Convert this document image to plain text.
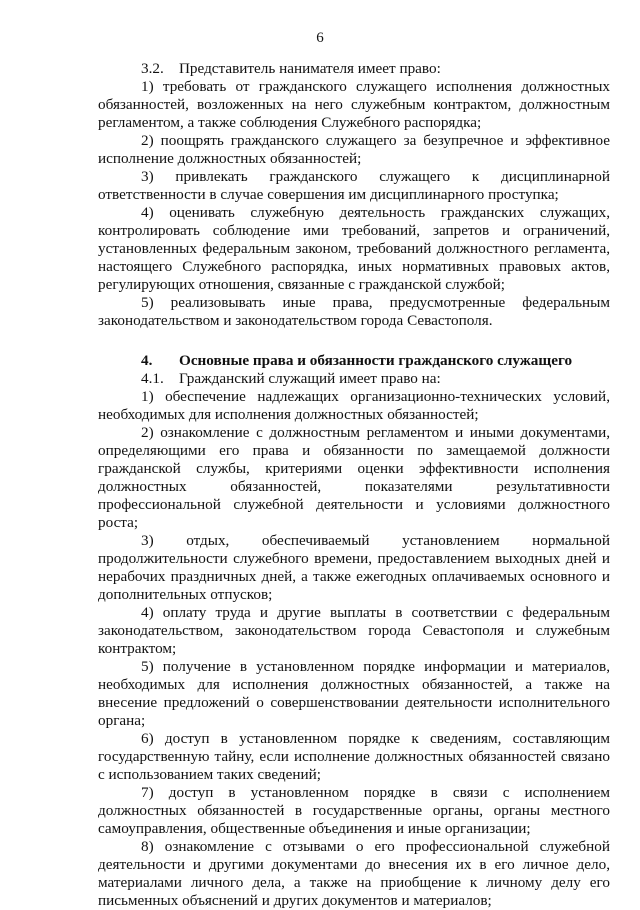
6

3.2. Представитель нанимателя имеет право:

1) требовать от гражданского служащего исполнения должностных обязанностей, возложенных на него служебным контрактом, должностным регламентом, а также соблюдения Служебного распорядка;

2) поощрять гражданского служащего за безупречное и эффективное исполнение должностных обязанностей;

3) привлекать гражданского служащего к дисциплинарной ответственности в случае совершения им дисциплинарного проступка;

4) оценивать служебную деятельность гражданских служащих, контролировать соблюдение ими требований, запретов и ограничений, установленных федеральным законом, требований должностного регламента, настоящего Служебного распорядка, иных нормативных правовых актов, регулирующих отношения, связанные с гражданской службой;

5) реализовывать иные права, предусмотренные федеральным законодательством и законодательством города Севастополя.

4. Основные права и обязанности гражданского служащего

4.1. Гражданский служащий имеет право на:

1) обеспечение надлежащих организационно-технических условий, необходимых для исполнения должностных обязанностей;

2) ознакомление с должностным регламентом и иными документами, определяющими его права и обязанности по замещаемой должности гражданской службы, критериями оценки эффективности исполнения должностных обязанностей, показателями результативности профессиональной служебной деятельности и условиями должностного роста;

3) отдых, обеспечиваемый установлением нормальной продолжительности служебного времени, предоставлением выходных дней и нерабочих праздничных дней, а также ежегодных оплачиваемых основного и дополнительных отпусков;

4) оплату труда и другие выплаты в соответствии с федеральным законодательством, законодательством города Севастополя и служебным контрактом;

5) получение в установленном порядке информации и материалов, необходимых для исполнения должностных обязанностей, а также на внесение предложений о совершенствовании деятельности исполнительного органа;

6) доступ в установленном порядке к сведениям, составляющим государственную тайну, если исполнение должностных обязанностей связано с использованием таких сведений;

7) доступ в установленном порядке в связи с исполнением должностных обязанностей в государственные органы, органы местного самоуправления, общественные объединения и иные организации;

8) ознакомление с отзывами о его профессиональной служебной деятельности и другими документами до внесения их в его личное дело, материалами личного дела, а также на приобщение к личному делу его письменных объяснений и других документов и материалов;
